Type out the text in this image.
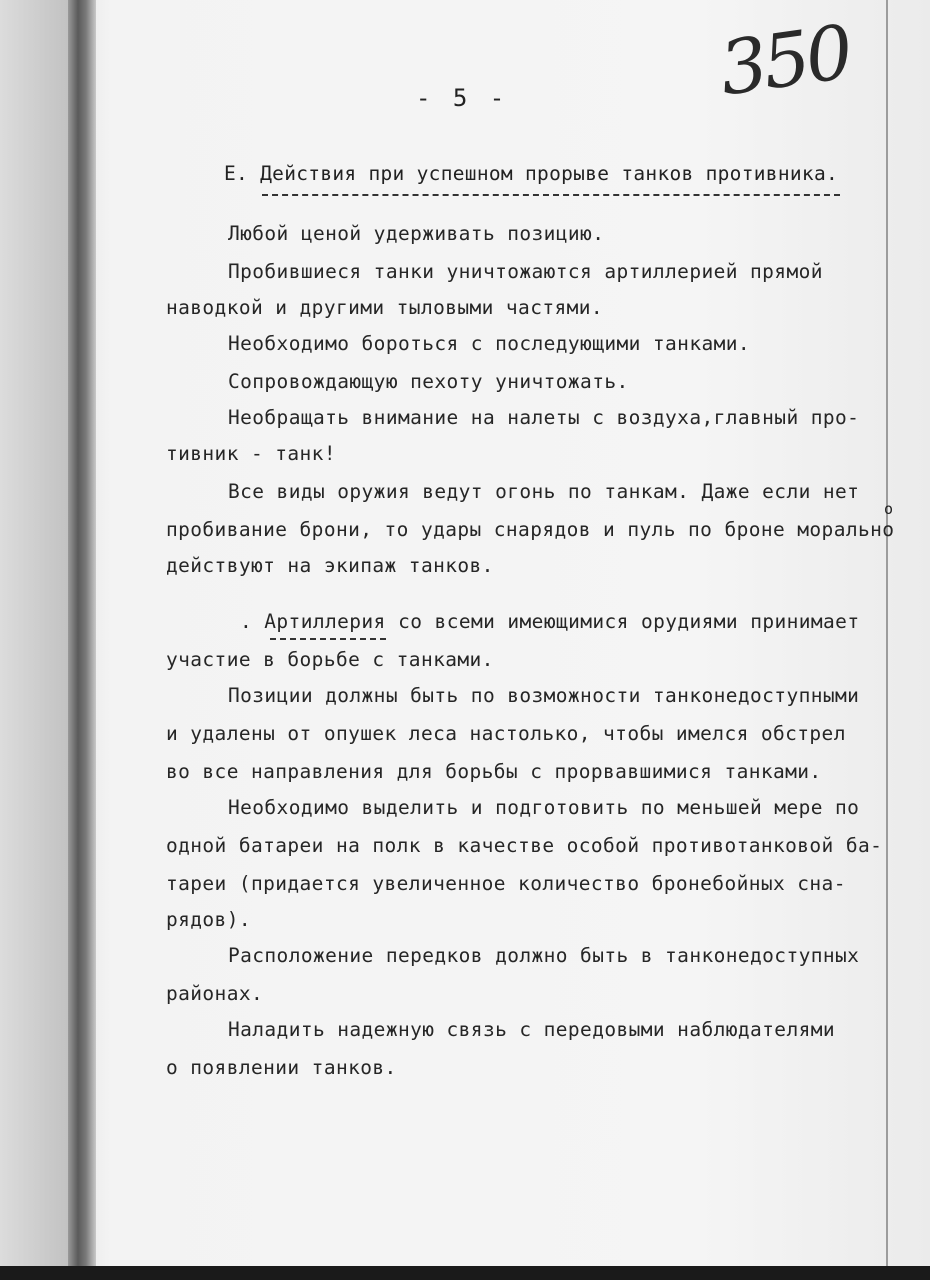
350
- 5 -
Е. Действия при успешном прорыве танков противника.
Любой ценой удерживать позицию.
Пробившиеся танки уничтожаются артиллерией прямой
наводкой и другими тыловыми частями.
Необходимо бороться с последующими танками.
Сопровождающую пехоту уничтожать.
Необращать внимание на налеты с воздуха,главный про-
тивник - танк!
Все виды оружия ведут огонь по танкам. Даже если нет
о
пробивание брони, то удары снарядов и пуль по броне морально
действуют на экипаж танков.
. Артиллерия со всеми имеющимися орудиями принимает
участие в борьбе с танками.
Позиции должны быть по возможности танконедоступными
и удалены от опушек леса настолько, чтобы имелся обстрел
во все направления для борьбы с прорвавшимися танками.
Необходимо выделить и подготовить по меньшей мере по
одной батареи на полк в качестве особой противотанковой ба-
тареи (придается увеличенное количество бронебойных сна-
рядов).
Расположение передков должно быть в танконедоступных
районах.
Наладить надежную связь с передовыми наблюдателями
о появлении танков.
